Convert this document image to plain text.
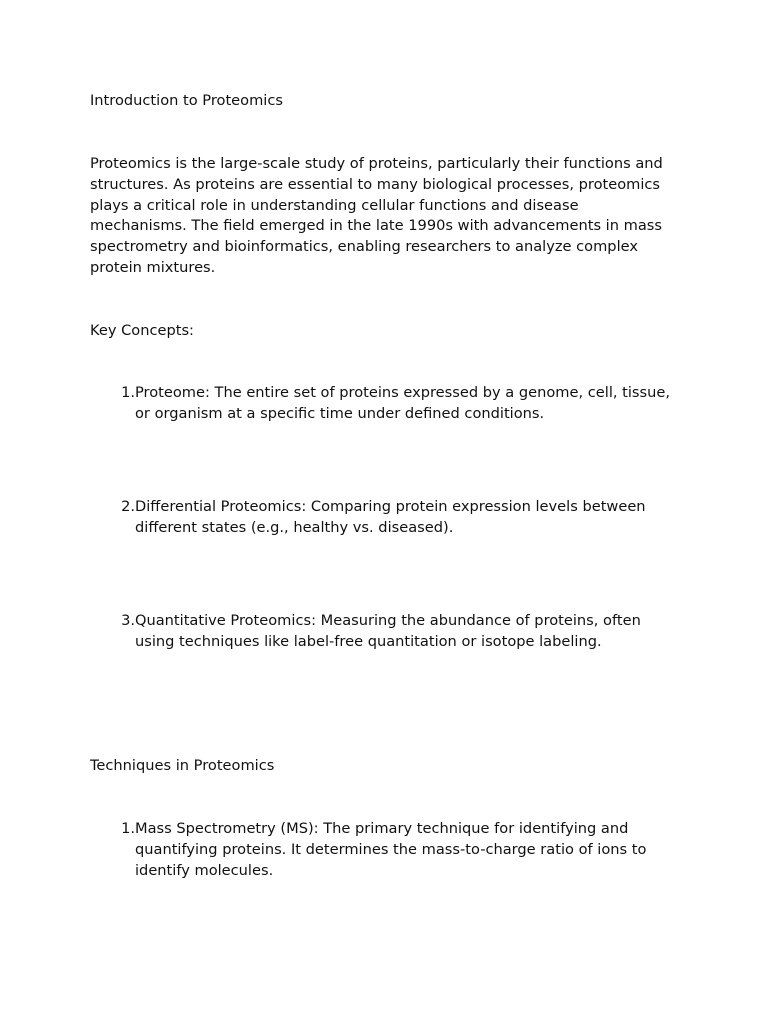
Introduction to Proteomics

Proteomics is the large-scale study of proteins, particularly their functions and structures. As proteins are essential to many biological processes, proteomics plays a critical role in understanding cellular functions and disease mechanisms. The field emerged in the late 1990s with advancements in mass spectrometry and bioinformatics, enabling researchers to analyze complex protein mixtures.

Key Concepts:

1. Proteome: The entire set of proteins expressed by a genome, cell, tissue, or organism at a specific time under defined conditions.
2. Differential Proteomics: Comparing protein expression levels between different states (e.g., healthy vs. diseased).
3. Quantitative Proteomics: Measuring the abundance of proteins, often using techniques like label-free quantitation or isotope labeling.

Techniques in Proteomics

1. Mass Spectrometry (MS): The primary technique for identifying and quantifying proteins. It determines the mass-to-charge ratio of ions to identify molecules.
